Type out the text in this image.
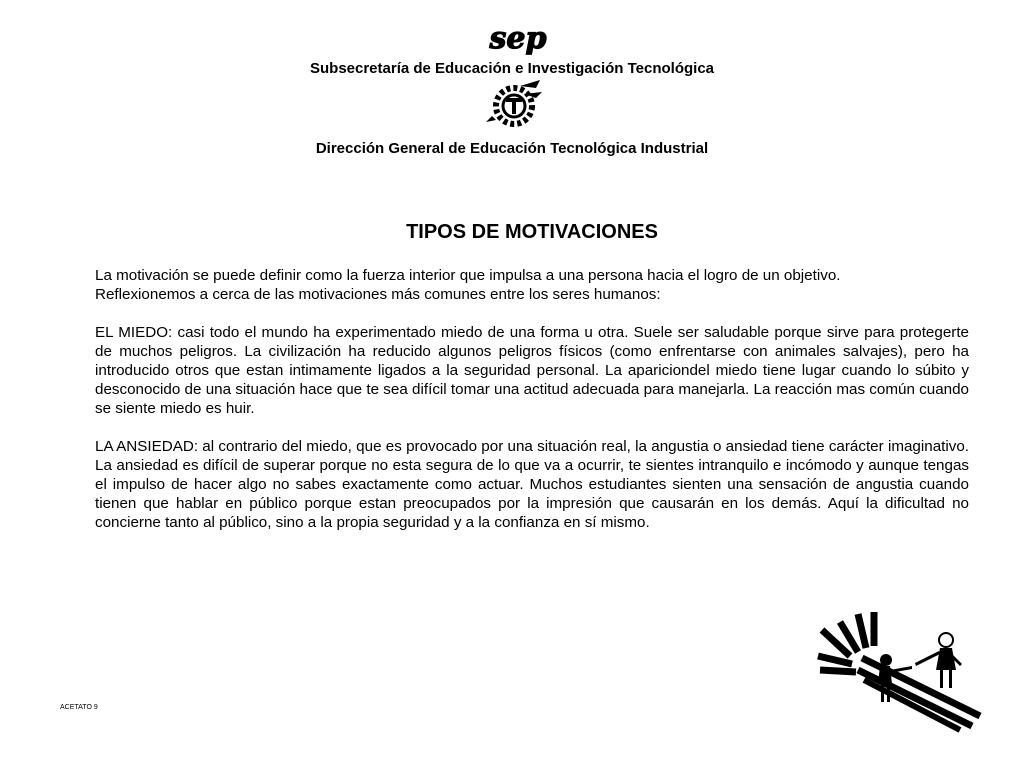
sep
Subsecretaría de Educación e Investigación Tecnológica
Dirección General de Educación Tecnológica Industrial
TIPOS DE MOTIVACIONES

La motivación se puede definir como la fuerza interior que impulsa a una persona hacia el logro de un objetivo.

Reflexionemos a cerca de las motivaciones más comunes entre los seres humanos:

EL MIEDO: casi todo el mundo ha experimentado miedo de una forma u otra. Suele ser saludable porque sirve para protegerte de muchos peligros. La civilización ha reducido algunos peligros físicos (como enfrentarse con animales salvajes), pero ha introducido otros que estan intimamente ligados a la seguridad personal. La apariciondel miedo tiene lugar cuando lo súbito y desconocido de una situación hace que te sea difícil tomar una actitud adecuada para manejarla. La reacción mas común cuando se siente miedo es huir.

LA ANSIEDAD: al contrario del miedo, que es provocado por una situación real, la angustia o ansiedad tiene carácter imaginativo. La ansiedad es difícil de superar porque no esta segura de lo que va a ocurrir, te sientes intranquilo e incómodo y aunque tengas el impulso de hacer algo no sabes exactamente como actuar. Muchos estudiantes sienten una sensación de angustia cuando tienen que hablar en público porque estan preocupados por la impresión que causarán en los demás. Aquí la dificultad no concierne tanto al público, sino a la propia seguridad y a la confianza en sí mismo.

ACETATO 9
